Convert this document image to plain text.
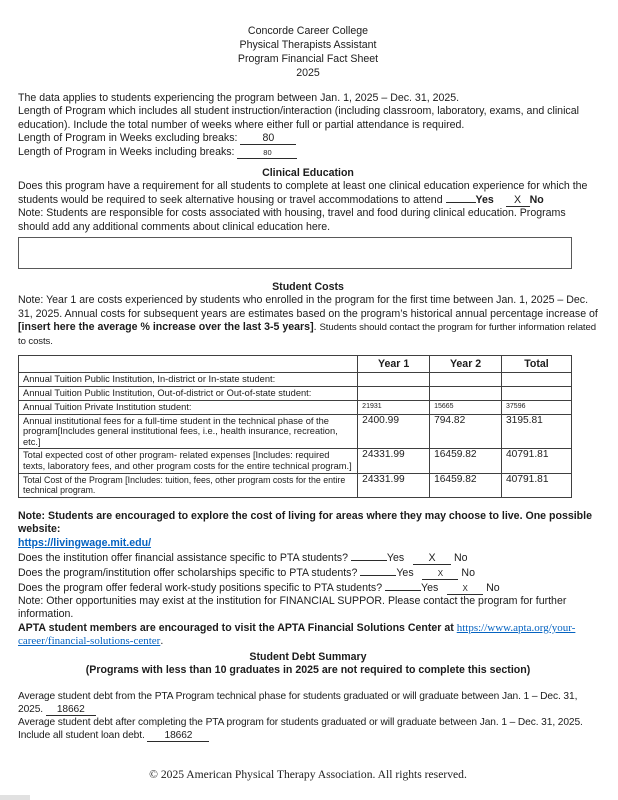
Concorde Career College
Physical Therapists Assistant
Program Financial Fact Sheet
2025

The data applies to students experiencing the program between Jan. 1, 2025 – Dec. 31, 2025.

Length of Program which includes all student instruction/interaction (including classroom, laboratory, exams, and clinical education). Include the total number of weeks where either full or partial attendance is required.

Length of Program in Weeks excluding breaks: 80

Length of Program in Weeks including breaks:	80

Clinical Education

Does this program have a requirement for all students to complete at least one clinical education experience for which the students would be required to seek alternative housing or travel accommodations to attend	Yes X No

Note: Students are responsible for costs associated with housing, travel and food during clinical education. Programs should add any additional comments about clinical education here.

Student Costs

Note: Year 1 are costs experienced by students who enrolled in the program for the first time between Jan. 1, 2025 – Dec. 31, 2025. Annual costs for subsequent years are estimates based on the program’s historical annual percentage increase of [insert here the average % increase over the last 3-5 years]. Students should contact the program for further information related to costs.

	Year 1	Year 2	Total
Annual Tuition Public Institution, In-district or In-state student:			
Annual Tuition Public Institution, Out-of-district or Out-of-state student:			
Annual Tuition Private Institution student:	21931	15665	37596
Annual institutional fees for a full-time student in the technical phase of the program[Includes general institutional fees, i.e., health insurance, recreation, etc.]	2400.99	794.82	3195.81
Total expected cost of other program- related expenses [Includes: required texts, laboratory fees, and other program costs for the entire technical program.]	24331.99	16459.82	40791.81
Total Cost of the Program [Includes: tuition, fees, other program costs for the entire technical program.	24331.99	16459.82	40791.81

Note: Students are encouraged to explore the cost of living for areas where they may choose to live. One possible website:
https://livingwage.mit.edu/

Does the institution offer financial assistance specific to PTA students?	Yes X No

Does the program/institution offer scholarships specific to PTA students?	Yes	X No

Does the program offer federal work-study positions specific to PTA students?	Yes	X No

Note: Other opportunities may exist at the institution for FINANCIAL SUPPOR. Please contact the program for further information.

APTA student members are encouraged to visit the APTA Financial Solutions Center at https://www.apta.org/your-career/financial-solutions-center.

Student Debt Summary
(Programs with less than 10 graduates in 2025 are not required to complete this section)

Average student debt from the PTA Program technical phase for students graduated or will graduate between Jan. 1 – Dec. 31, 2025. 18662

Average student debt after completing the PTA program for students graduated or will graduate between Jan. 1 – Dec. 31, 2025. Include all student loan debt. 18662

© 2025 American Physical Therapy Association. All rights reserved.
